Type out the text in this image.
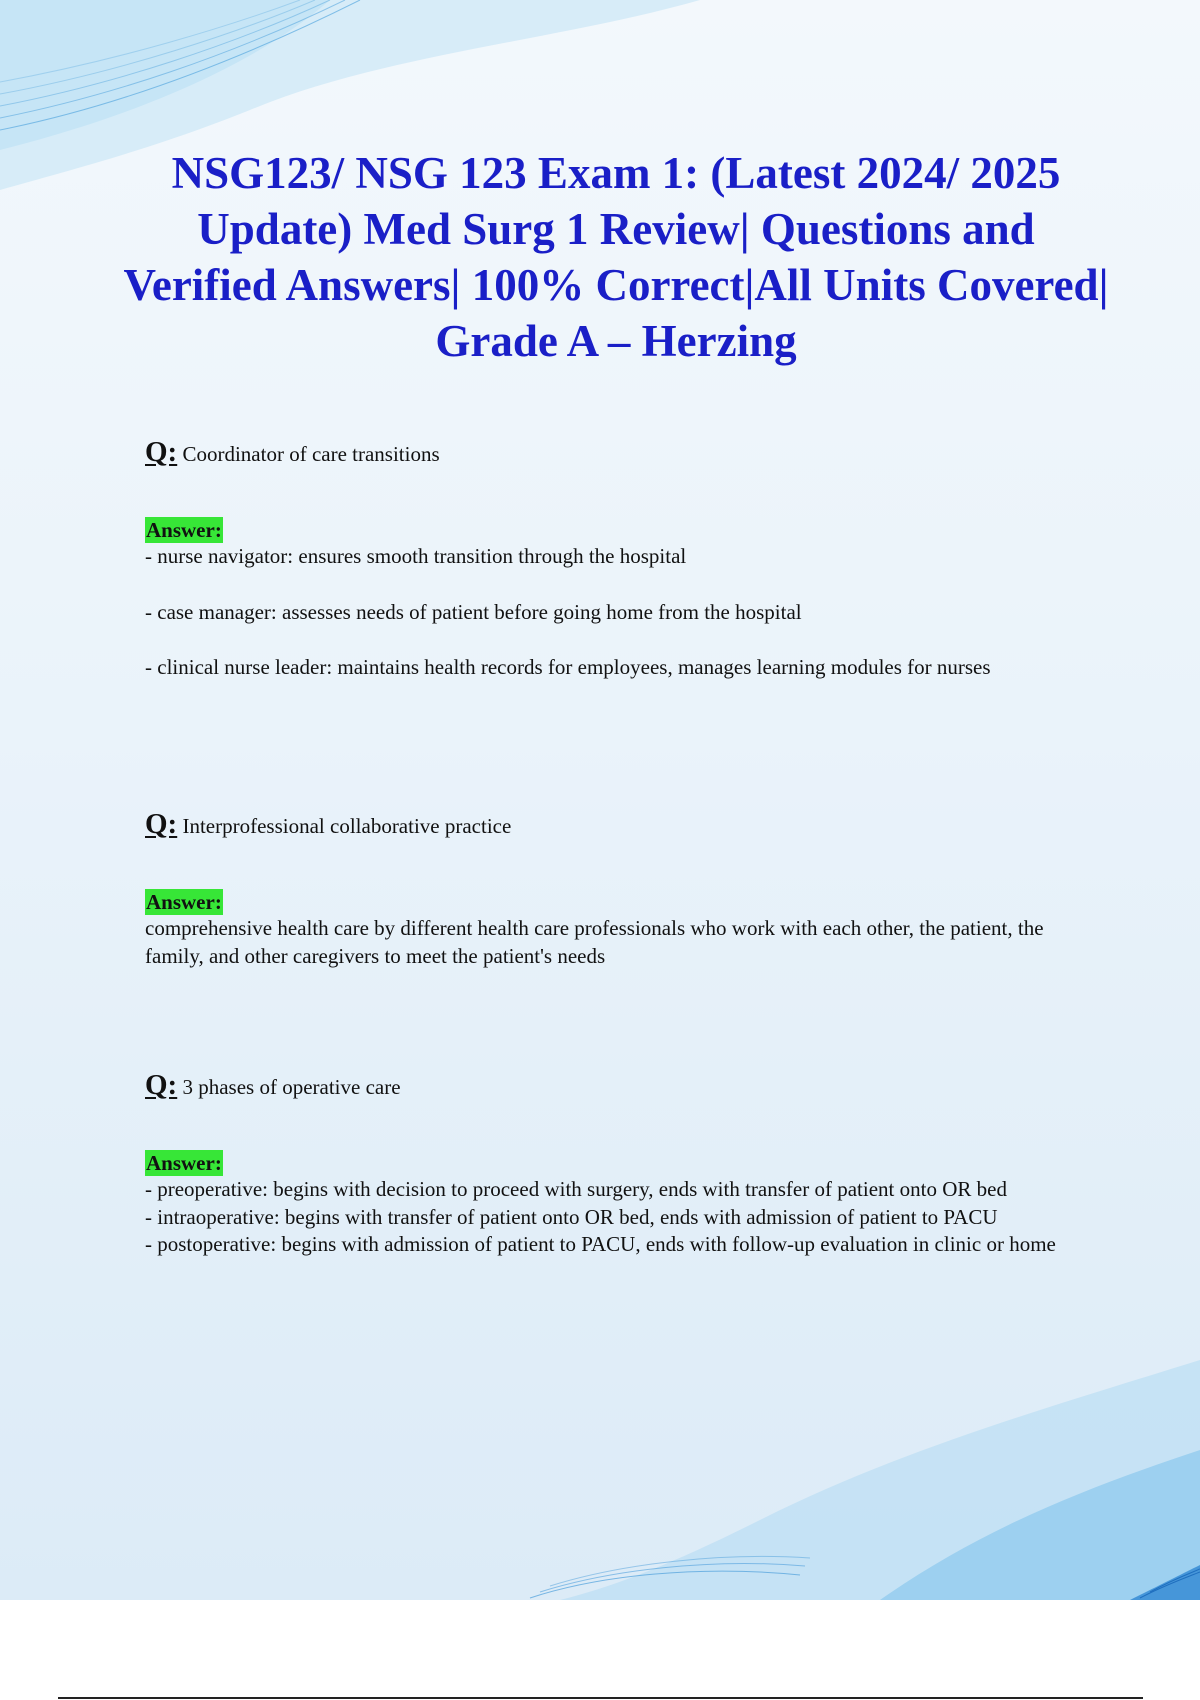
NSG123/ NSG 123 Exam 1: (Latest 2024/ 2025 Update) Med Surg 1 Review| Questions and Verified Answers| 100% Correct|All Units Covered| Grade A – Herzing

Q: Coordinator of care transitions

Answer:

- nurse navigator: ensures smooth transition through the hospital

- case manager: assesses needs of patient before going home from the hospital

- clinical nurse leader: maintains health records for employees, manages learning modules for nurses

Q: Interprofessional collaborative practice

Answer:

comprehensive health care by different health care professionals who work with each other, the patient, the family, and other caregivers to meet the patient's needs

Q: 3 phases of operative care

Answer:

- preoperative: begins with decision to proceed with surgery, ends with transfer of patient onto OR bed

- intraoperative: begins with transfer of patient onto OR bed, ends with admission of patient to PACU

- postoperative: begins with admission of patient to PACU, ends with follow-up evaluation in clinic or home
